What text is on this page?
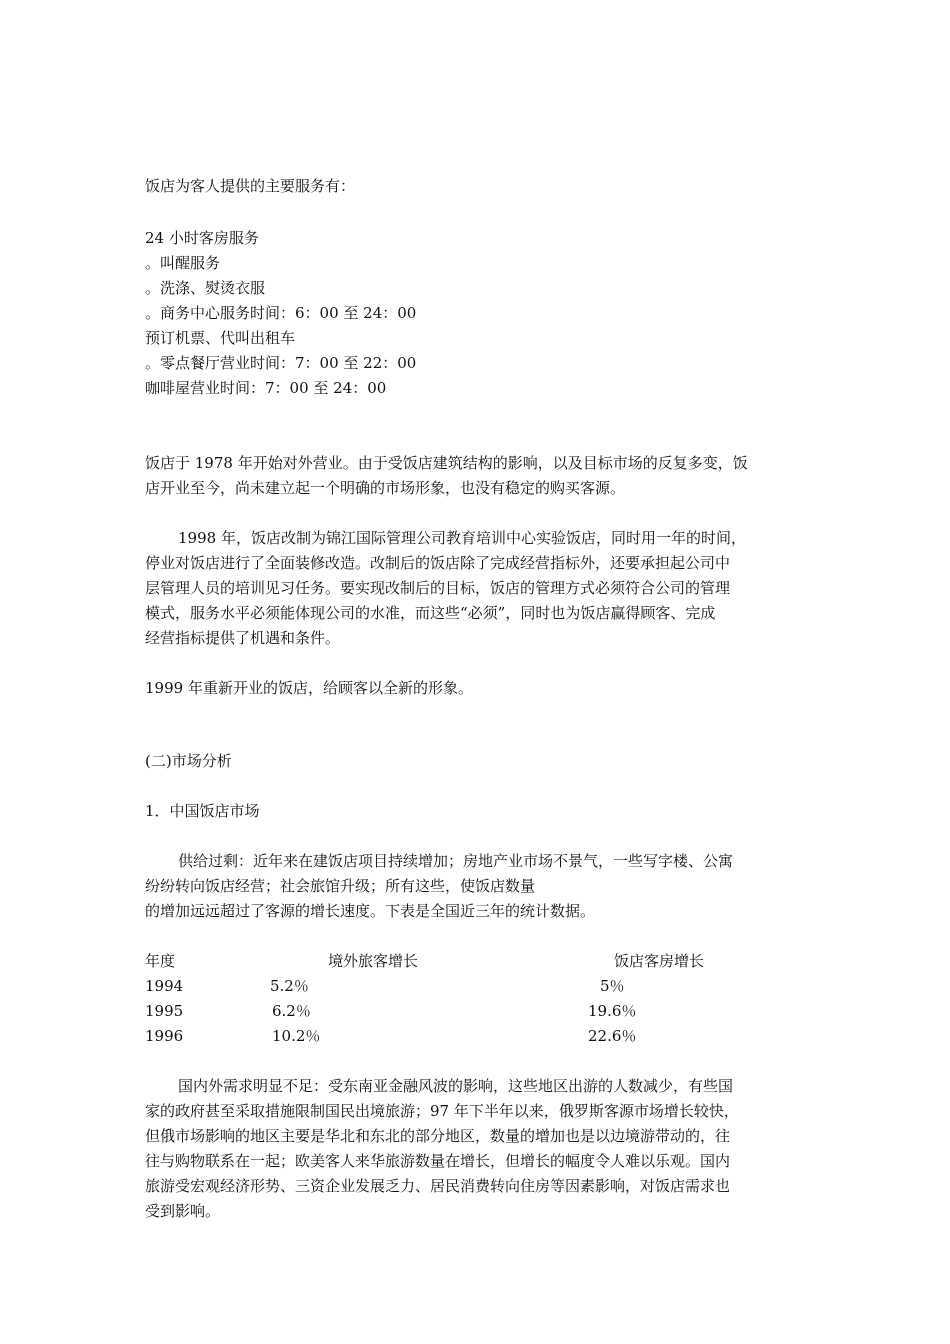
饭店为客人提供的主要服务有：
24 小时客房服务
。叫醒服务
。洗涤、熨烫衣服
。商务中心服务时间：6：00 至 24：00
预订机票、代叫出租车
。零点餐厅营业时间：7：00 至 22：00
咖啡屋营业时间：7：00 至 24：00
饭店于 1978 年开始对外营业。由于受饭店建筑结构的影响，以及目标市场的反复多变，饭
店开业至今，尚未建立起一个明确的市场形象，也没有稳定的购买客源。
1998 年，饭店改制为锦江国际管理公司教育培训中心实验饭店，同时用一年的时间，
停业对饭店进行了全面装修改造。改制后的饭店除了完成经营指标外，还要承担起公司中
层管理人员的培训见习任务。要实现改制后的目标，饭店的管理方式必须符合公司的管理
模式，服务水平必须能体现公司的水准，而这些“必须”，同时也为饭店赢得顾客、完成
经营指标提供了机遇和条件。
1999 年重新开业的饭店，给顾客以全新的形象。
(二)市场分析
1．中国饭店市场
供给过剩：近年来在建饭店项目持续增加；房地产业市场不景气，一些写字楼、公寓
纷纷转向饭店经营；社会旅馆升级；所有这些，使饭店数量
的增加远远超过了客源的增长速度。下表是全国近三年的统计数据。
年度	境外旅客增长	饭店客房增长
1994	5.2％	5％
1995	6.2％	19.6％
1996	10.2％	22.6％
国内外需求明显不足：受东南亚金融风波的影响，这些地区出游的人数减少，有些国
家的政府甚至采取措施限制国民出境旅游；97 年下半年以来，俄罗斯客源市场增长较快，
但俄市场影响的地区主要是华北和东北的部分地区，数量的增加也是以边境游带动的，往
往与购物联系在一起；欧美客人来华旅游数量在增长，但增长的幅度令人难以乐观。国内
旅游受宏观经济形势、三资企业发展乏力、居民消费转向住房等因素影响，对饭店需求也
受到影响。
